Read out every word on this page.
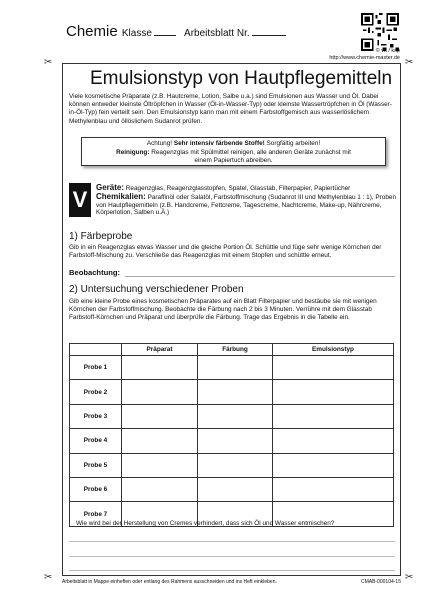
Chemie Klasse	Arbeitsblatt Nr.
© wt / ksp
http://www.chemie-master.de
✂	✂
✂	✂
Emulsionstyp von Hautpflegemitteln
Viele kosmetische Präparate (z.B. Hautcreme, Lotion, Salbe u.a.) sind Emulsionen aus Wasser und Öl. Dabei können entweder kleinste Öltröpfchen in Wasser (Öl-in-Wasser-Typ) oder kleinste Wassertröpfchen in Öl (Wasser-in-Öl-Typ) fein verteilt sein. Den Emulsionstyp kann man mit einem Farbstoffgemisch aus wasserlöslichem Methylenblau und öllöslichem Sudanrot prüfen.
Achtung! Sehr intensiv färbende Stoffe! Sorgfältig arbeiten!
Reinigung: Reagenzglas mit Spülmittel reinigen, alle anderen Geräte zunächst mit
einem Papiertuch abreiben.
V	Geräte: Reagenzglas, Reagenzglasstopfen, Spatel, Glasstab, Filterpapier, Papiertücher
Chemikalien: Paraffinöl oder Salatöl, Farbstoffmischung (Sudanrot III und Methylenblau 1 : 1), Proben von Hautpflegemitteln (z.B. Handcreme, Fettcreme, Tagescreme, Nachtcreme, Make-up, Nährcreme, Körperlotion, Salben u.Ä.)
1) Färbeprobe
Gib in ein Reagenzglas etwas Wasser und die gleiche Portion Öl. Schüttle und füge sehr wenige Körnchen der Farbstoff-Mischung zu. Verschließe das Reagenzglas mit einem Stopfen und schüttle erneut.
Beobachtung:
2) Untersuchung verschiedener Proben
Gib eine kleine Probe eines kosmetischen Präparates auf ein Blatt Filterpapier und bestäube sie mit wenigen Körnchen der Farbstoffmischung. Beobachte die Färbung nach 2 bis 3 Minuten. Verrühre mit dem Glasstab Farbstoff-Körnchen und Präparat und überprüfe die Färbung. Trage das Ergebnis in die Tabelle ein.
	Präparat	Färbung	Emulsionstyp
Probe 1			
Probe 2			
Probe 3			
Probe 4			
Probe 5			
Probe 6			
Probe 7			
Wie wird bei der Herstellung von Cremes verhindert, dass sich Öl und Wasser entmischen?
Arbeitsblatt in Mappe einheften oder entlang des Rahmens ausschneiden und ins Heft einkleben.	CMAB-000104-15
